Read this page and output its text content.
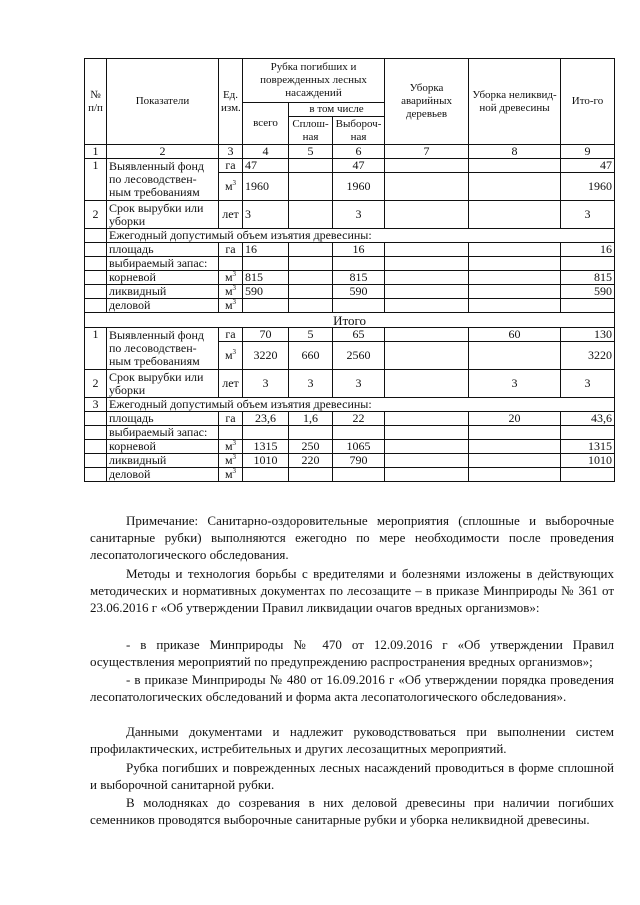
№ п/п	Показатели	Ед. изм.	Рубка погибших и поврежденных лесных насаждений			Уборка аварийных деревьев	Уборка неликвид-ной древесины	Ито-го
			всего	в том числе				
				Сплош-ная	Выбороч-ная			
1	2	3	4	5	6	7	8	9
1	Выявленный фонд по лесоводствен-ным требованиям	га	47		47			47
		$м^3$	1960		1960			1960
2	Срок вырубки или уборки	лет	3		3			3
	Ежегодный допустимый объем изъятия древесины:							
	площадь	га	16		16			16
	выбираемый запас:							
	корневой	$м^3$	815		815			815
	ликвидный	$м^3$	590		590			590
	деловой	$м^3$						
Итого								
1	Выявленный фонд по лесоводствен-ным требованиям	га	70	5	65		60	130
		$м^3$	3220	660	2560			3220
2	Срок вырубки или уборки	лет	3	3	3		3	3
3	Ежегодный допустимый объем изъятия древесины:							
	площадь	га	23,6	1,6	22		20	43,6
	выбираемый запас:							
	корневой	$м^3$	1315	250	1065			1315
	ликвидный	$м^3$	1010	220	790			1010
	деловой	$м^3$						

Примечание: Санитарно-оздоровительные мероприятия (сплошные и выборочные санитарные рубки) выполняются ежегодно по мере необходимости после проведения лесопатологического обследования.

Методы и технология борьбы с вредителями и болезнями изложены в действующих методических и нормативных документах по лесозащите – в приказе Минприроды № 361 от 23.06.2016 г «Об утверждении Правил ликвидации очагов вредных организмов»:

- в приказе Минприроды № 470 от 12.09.2016 г «Об утверждении Правил осуществления мероприятий по предупреждению распространения вредных организмов»;

- в приказе Минприроды № 480 от 16.09.2016 г «Об утверждении порядка проведения лесопатологических обследований и форма акта лесопатологического обследования».

Данными документами и надлежит руководствоваться при выполнении систем профилактических, истребительных и других лесозащитных мероприятий.

Рубка погибших и поврежденных лесных насаждений проводиться в форме сплошной и выборочной санитарной рубки.

В молодняках до созревания в них деловой древесины при наличии погибших семенников проводятся выборочные санитарные рубки и уборка неликвидной древесины.
